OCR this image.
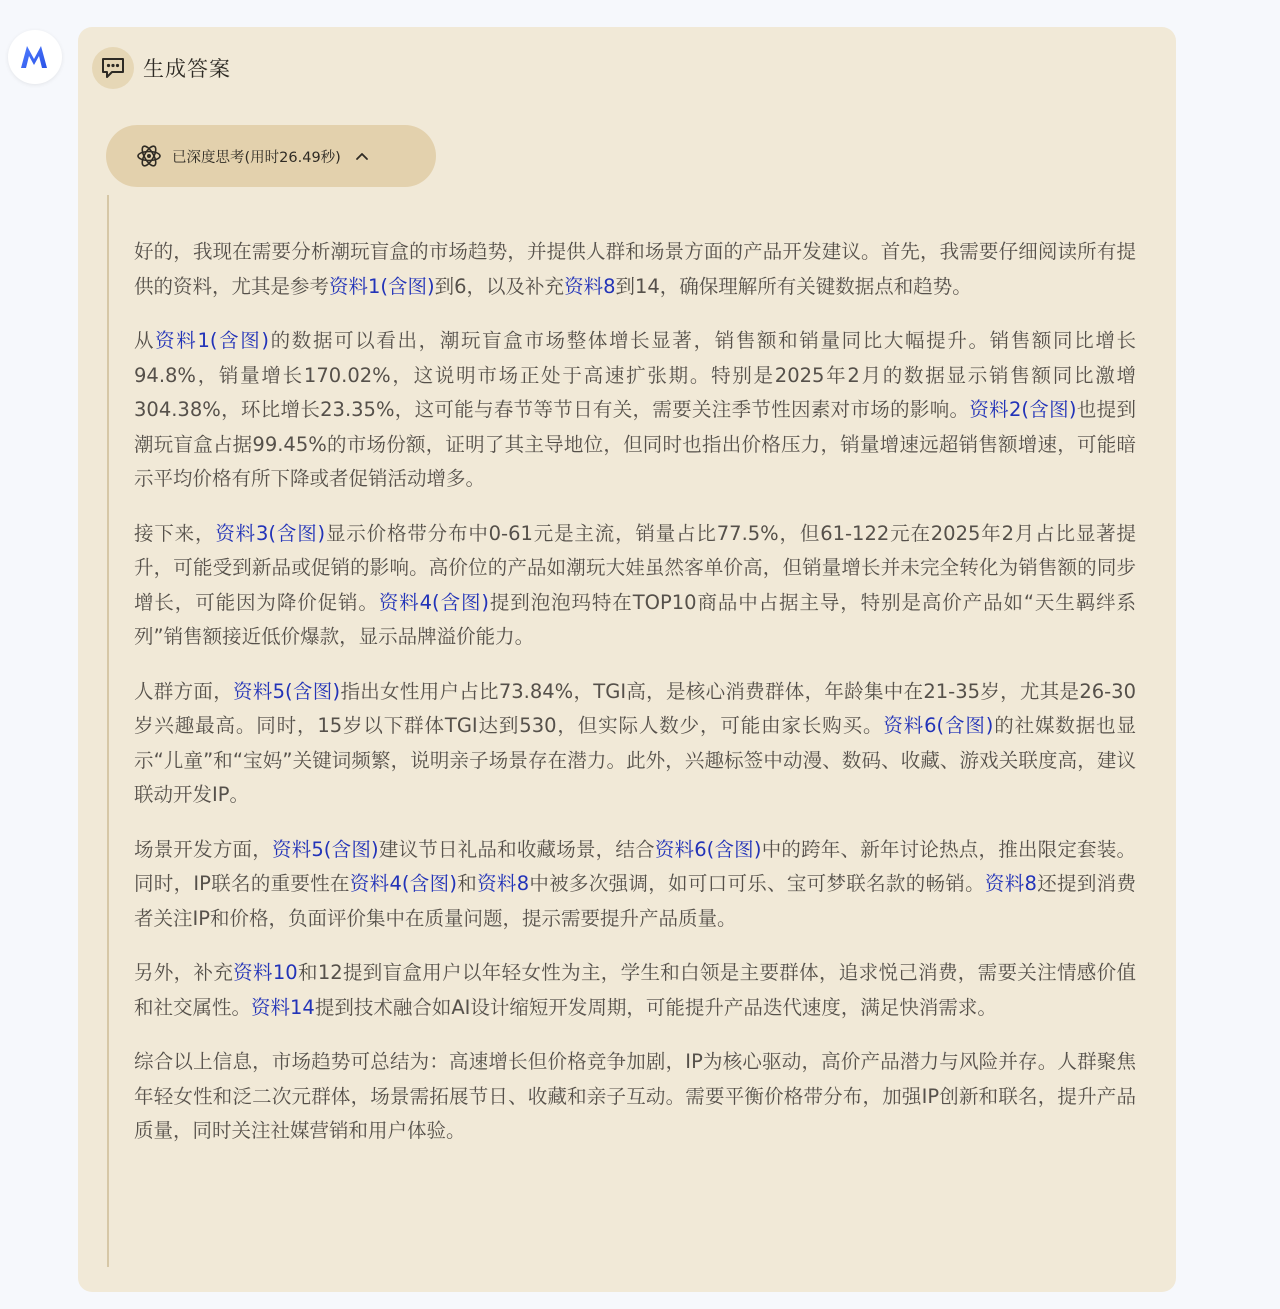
生成答案
已深度思考(用时26.49秒)

好的，我现在需要分析潮玩盲盒的市场趋势，并提供人群和场景方面的产品开发建议。首先，我需要仔细阅读所有提供的资料，尤其是参考资料1(含图)到6，以及补充资料8到14，确保理解所有关键数据点和趋势。

从资料1(含图)的数据可以看出，潮玩盲盒市场整体增长显著，销售额和销量同比大幅提升。销售额同比增长94.8%，销量增长170.02%，这说明市场正处于高速扩张期。特别是2025年2月的数据显示销售额同比激增304.38%，环比增长23.35%，这可能与春节等节日有关，需要关注季节性因素对市场的影响。资料2(含图)也提到潮玩盲盒占据99.45%的市场份额，证明了其主导地位，但同时也指出价格压力，销量增速远超销售额增速，可能暗示平均价格有所下降或者促销活动增多。

接下来，资料3(含图)显示价格带分布中0-61元是主流，销量占比77.5%，但61-122元在2025年2月占比显著提升，可能受到新品或促销的影响。高价位的产品如潮玩大娃虽然客单价高，但销量增长并未完全转化为销售额的同步增长，可能因为降价促销。资料4(含图)提到泡泡玛特在TOP10商品中占据主导，特别是高价产品如“天生羁绊系列”销售额接近低价爆款，显示品牌溢价能力。

人群方面，资料5(含图)指出女性用户占比73.84%，TGI高，是核心消费群体，年龄集中在21-35岁，尤其是26-30岁兴趣最高。同时，15岁以下群体TGI达到530，但实际人数少，可能由家长购买。资料6(含图)的社媒数据也显示“儿童”和“宝妈”关键词频繁，说明亲子场景存在潜力。此外，兴趣标签中动漫、数码、收藏、游戏关联度高，建议联动开发IP。

场景开发方面，资料5(含图)建议节日礼品和收藏场景，结合资料6(含图)中的跨年、新年讨论热点，推出限定套装。同时，IP联名的重要性在资料4(含图)和资料8中被多次强调，如可口可乐、宝可梦联名款的畅销。资料8还提到消费者关注IP和价格，负面评价集中在质量问题，提示需要提升产品质量。

另外，补充资料10和12提到盲盒用户以年轻女性为主，学生和白领是主要群体，追求悦己消费，需要关注情感价值和社交属性。资料14提到技术融合如AI设计缩短开发周期，可能提升产品迭代速度，满足快消需求。

综合以上信息，市场趋势可总结为：高速增长但价格竞争加剧，IP为核心驱动，高价产品潜力与风险并存。人群聚焦年轻女性和泛二次元群体，场景需拓展节日、收藏和亲子互动。需要平衡价格带分布，加强IP创新和联名，提升产品质量，同时关注社媒营销和用户体验。
